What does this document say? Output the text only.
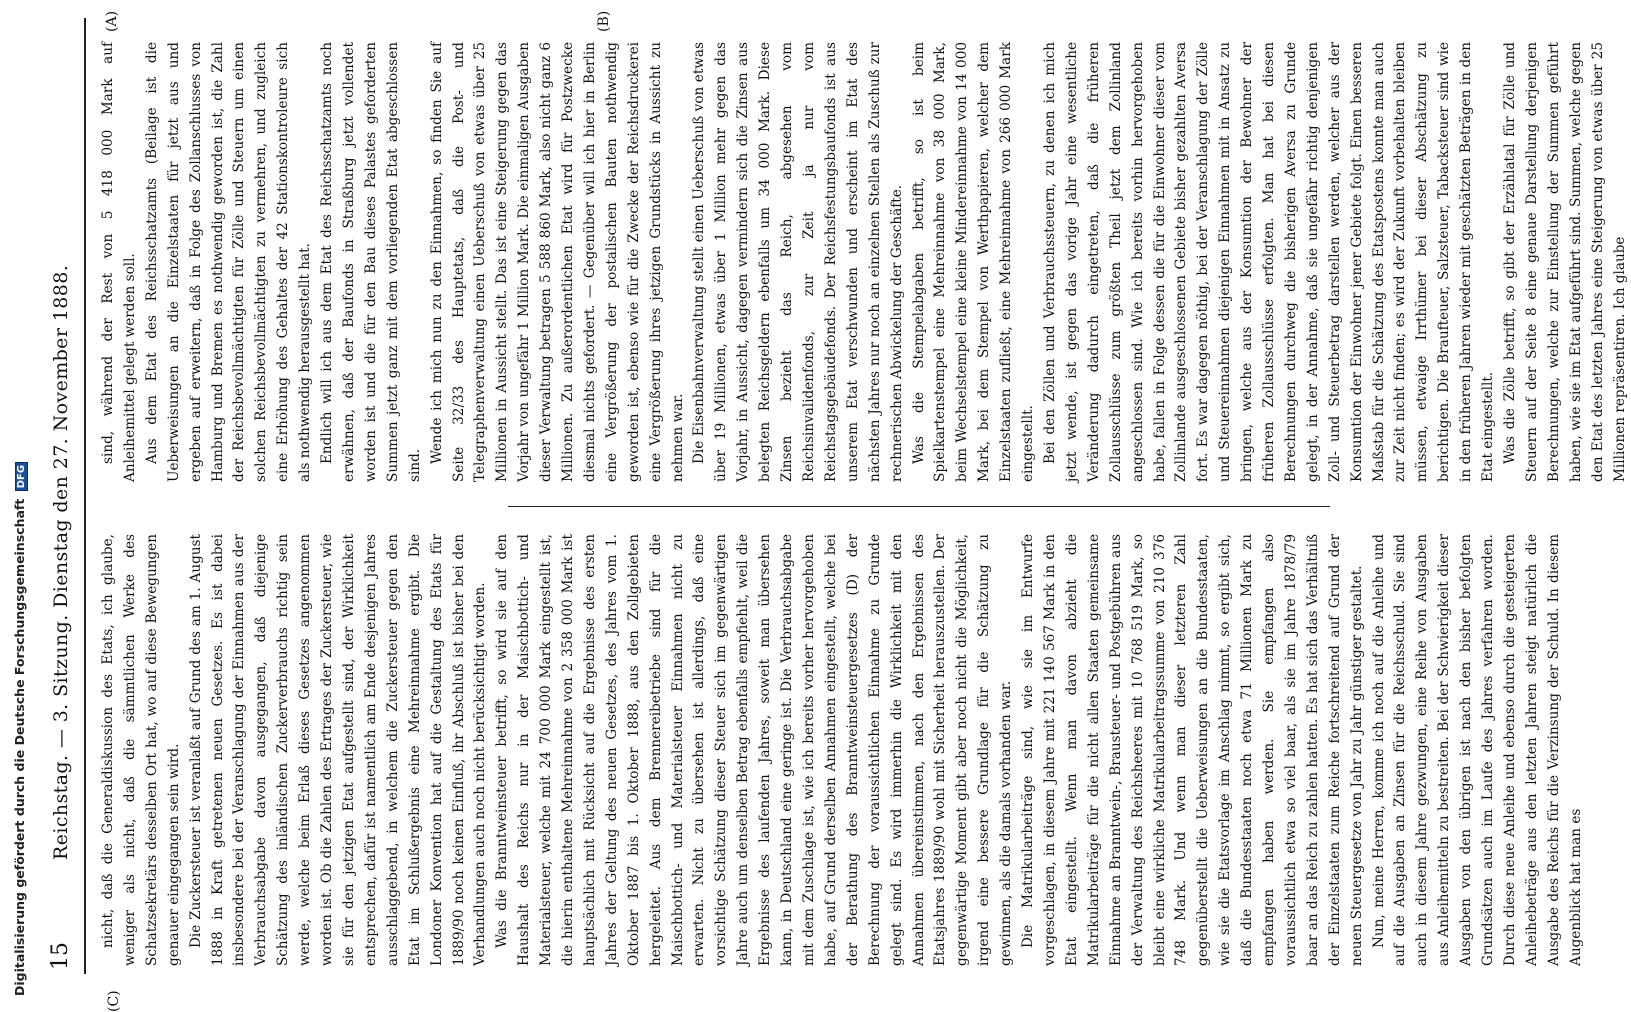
15
Reichstag. — 3. Sitzung. Dienstag den 27. November 1888.
(C)
(A)	(B)

nicht, daß die Generaldiskussion des Etats, ich glaube, weniger als nicht, daß die sämmtlichen Werke des Schatzsekretärs desselben Ort hat, wo auf diese Bewegungen genauer eingegangen sein wird. Die Zuckersteuer ist veranlaßt auf Grund des am 1. August 1888 in Kraft getretenen neuen Gesetzes. Es ist dabei insbesondere bei der Veranschlagung der Einnahmen aus der Verbrauchsabgabe davon ausgegangen, daß diejenige Schätzung des inländischen Zuckerverbrauchs richtig sein werde, welche beim Erlaß dieses Gesetzes angenommen worden ist. Ob die Zahlen des Ertrages der Zuckersteuer, wie sie für den jetzigen Etat aufgestellt sind, der Wirklichkeit entsprechen, dafür ist namentlich am Ende desjenigen Jahres ausschlaggebend, in welchem die Zuckersteuer gegen den Etat im Schlußergebnis eine Mehreinnahme ergibt. Die Londoner Konvention hat auf die Gestaltung des Etats für 1889/90 noch keinen Einfluß, ihr Abschluß ist bisher bei den Verhandlungen auch noch nicht berücksichtigt worden. Was die Branntweinsteuer betrifft, so wird sie auf den Haushalt des Reichs nur in der Maischbottich- und Materialsteuer, welche mit 24 700 000 Mark eingestellt ist, die hierin enthaltene Mehreinnahme von 2 358 000 Mark ist hauptsächlich mit Rücksicht auf die Ergebnisse des ersten Jahres der Geltung des neuen Gesetzes, des Jahres vom 1. Oktober 1887 bis 1. Oktober 1888, aus den Zollgebieten hergeleitet. Aus dem Brennereibetriebe sind für die Maischbottich- und Materialsteuer Einnahmen nicht zu erwarten. Nicht zu übersehen ist allerdings, daß eine vorsichtige Schätzung dieser Steuer sich im gegenwärtigen Jahre auch um denselben Betrag ebenfalls empfiehlt, weil die Ergebnisse des laufenden Jahres, soweit man übersehen kann, in Deutschland eine geringe ist. Die Verbrauchsabgabe mit dem Zuschlage ist, wie ich bereits vorher hervorgehoben habe, auf Grund derselben Annahmen eingestellt, welche bei der Berathung des Branntweinsteuergesetzes (D) der Berechnung der voraussichtlichen Einnahme zu Grunde gelegt sind. Es wird immerhin die Wirklichkeit mit den Annahmen übereinstimmen, nach den Ergebnissen des Etatsjahres 1889/90 wohl mit Sicherheit herauszustellen. Der gegenwärtige Moment gibt aber noch nicht die Möglichkeit, irgend eine bessere Grundlage für die Schätzung zu gewinnen, als die damals vorhanden war. Die Matrikularbeiträge sind, wie sie im Entwurfe vorgeschlagen, in diesem Jahre mit 221 140 567 Mark in den Etat eingestellt. Wenn man davon abzieht die Matrikularbeiträge für die nicht allen Staaten gemeinsame Einnahme an Branntwein-, Brausteuer- und Postgebühren aus der Verwaltung des Reichsheeres mit 10 768 519 Mark, so bleibt eine wirkliche Matrikularbeitragssumme von 210 376 748 Mark. Und wenn man dieser letzteren Zahl gegenüberstellt die Ueberweisungen an die Bundesstaaten, wie sie die Etatsvorlage im Anschlag nimmt, so ergibt sich, daß die Bundesstaaten noch etwa 71 Millionen Mark zu empfangen haben werden. Sie empfangen also voraussichtlich etwa so viel baar, als sie im Jahre 1878/79 baar an das Reich zu zahlen hatten. Es hat sich das Verhältniß der Einzelstaaten zum Reiche fortschreitend auf Grund der neuen Steuergesetze von Jahr zu Jahr günstiger gestaltet. Nun, meine Herren, komme ich noch auf die Anleihe und auf die Ausgaben an Zinsen für die Reichsschuld. Sie sind auch in diesem Jahre gezwungen, eine Reihe von Ausgaben aus Anleihemitteln zu bestreiten. Bei der Schwierigkeit dieser Ausgaben von den übrigen ist nach den bisher befolgten Grundsätzen auch im Laufe des Jahres verfahren worden. Durch diese neue Anleihe und ebenso durch die gesteigerten Anleihebeträge aus den letzten Jahren steigt natürlich die Ausgabe des Reichs für die Verzinsung der Schuld. In diesem Augenblick hat man es

sind, während der Rest von 5 418 000 Mark auf Anleihemittel gelegt werden soll. Aus dem Etat des Reichsschatzamts (Beilage ist die Ueberweisungen an die Einzelstaaten für jetzt aus und ergeben auf erweitern, daß in Folge des Zollanschlusses von Hamburg und Bremen es nothwendig geworden ist, die Zahl der Reichsbevollmächtigten für Zölle und Steuern um einen solchen Reichsbevollmächtigten zu vermehren, und zugleich eine Erhöhung des Gehaltes der 42 Stationskontroleure sich als nothwendig herausgestellt hat. Endlich will ich aus dem Etat des Reichsschatzamts noch erwähnen, daß der Baufonds in Straßburg jetzt vollendet worden ist und die für den Bau dieses Palastes geforderten Summen jetzt ganz mit dem vorliegenden Etat abgeschlossen sind.

Wende ich mich nun zu den Einnahmen, so finden Sie auf Seite 32/33 des Hauptetats, daß die Post- und Telegraphenverwaltung einen Ueberschuß von etwas über 25 Millionen in Aussicht stellt. Das ist eine Steigerung gegen das Vorjahr von ungefähr 1 Million Mark. Die einmaligen Ausgaben dieser Verwaltung betragen 5 588 860 Mark, also nicht ganz 6 Millionen. Zu außerordentlichen Etat wird für Postzwecke diesmal nichts gefordert. — Gegenüber will ich hier in Berlin eine Vergrößerung der postalischen Bauten nothwendig geworden ist, ebenso wie für die Zwecke der Reichsdruckerei eine Vergrößerung ihres jetzigen Grundstücks in Aussicht zu nehmen war. Die Eisenbahnverwaltung stellt einen Ueberschuß von etwas über 19 Millionen, etwas über 1 Million mehr gegen das Vorjahr, in Aussicht, dagegen vermindern sich die Zinsen aus belegten Reichsgeldern ebenfalls um 34 000 Mark. Diese Zinsen bezieht das Reich, abgesehen vom Reichsinvalidenfonds, zur Zeit ja nur vom Reichstagsgebäudefonds. Der Reichsfestungsbaufonds ist aus unserem Etat verschwunden und erscheint im Etat des nächsten Jahres nur noch an einzelnen Stellen als Zuschuß zur rechnerischen Abwickelung der Geschäfte. Was die Stempelabgaben betrifft, so ist beim Spielkartenstempel eine Mehreinnahme von 38 000 Mark, beim Wechselstempel eine kleine Mindereinnahme von 14 000 Mark, bei dem Stempel von Werthpapieren, welcher dem Einzelstaaten zufließt, eine Mehreinnahme von 266 000 Mark eingestellt. Bei den Zöllen und Verbrauchssteuern, zu denen ich mich jetzt wende, ist gegen das vorige Jahr eine wesentliche Veränderung dadurch eingetreten, daß die früheren Zollausschlüsse zum größten Theil jetzt dem Zollinland angeschlossen sind. Wie ich bereits vorhin hervorgehoben habe, fallen in Folge dessen die für die Einwohner dieser vom Zollinlande ausgeschlossenen Gebiete bisher gezahlten Aversa fort. Es war dagegen nöthig, bei der Veranschlagung der Zölle und Steuereinnahmen diejenigen Einnahmen mit in Ansatz zu bringen, welche aus der Konsumtion der Bewohner der früheren Zollausschlüsse erfolgten. Man hat bei diesen Berechnungen durchweg die bisherigen Aversa zu Grunde gelegt, in der Annahme, daß sie ungefähr richtig denjenigen Zoll- und Steuerbetrag darstellen werden, welcher aus der Konsumtion der Einwohner jener Gebiete folgt. Einen besseren Maßstab für die Schätzung des Etatspostens konnte man auch zur Zeit nicht finden; es wird der Zukunft vorbehalten bleiben müssen, etwaige Irrthümer bei dieser Abschätzung zu berichtigen. Die Braufteuer, Salzsteuer, Tabacksteuer sind wie in den früheren Jahren wieder mit geschätzten Beträgen in den Etat eingestellt. Was die Zölle betrifft, so gibt der Erzählatal für Zölle und Steuern auf der Seite 8 eine genaue Darstellung derjenigen Berechnungen, welche zur Einstellung der Summen geführt haben, wie sie im Etat aufgeführt sind. Summen, welche gegen den Etat des letzten Jahres eine Steigerung von etwas über 25 Millionen repräsentiren. Ich glaube

Digitalisierung gefördert durch die Deutsche Forschungsgemeinschaft DFG
